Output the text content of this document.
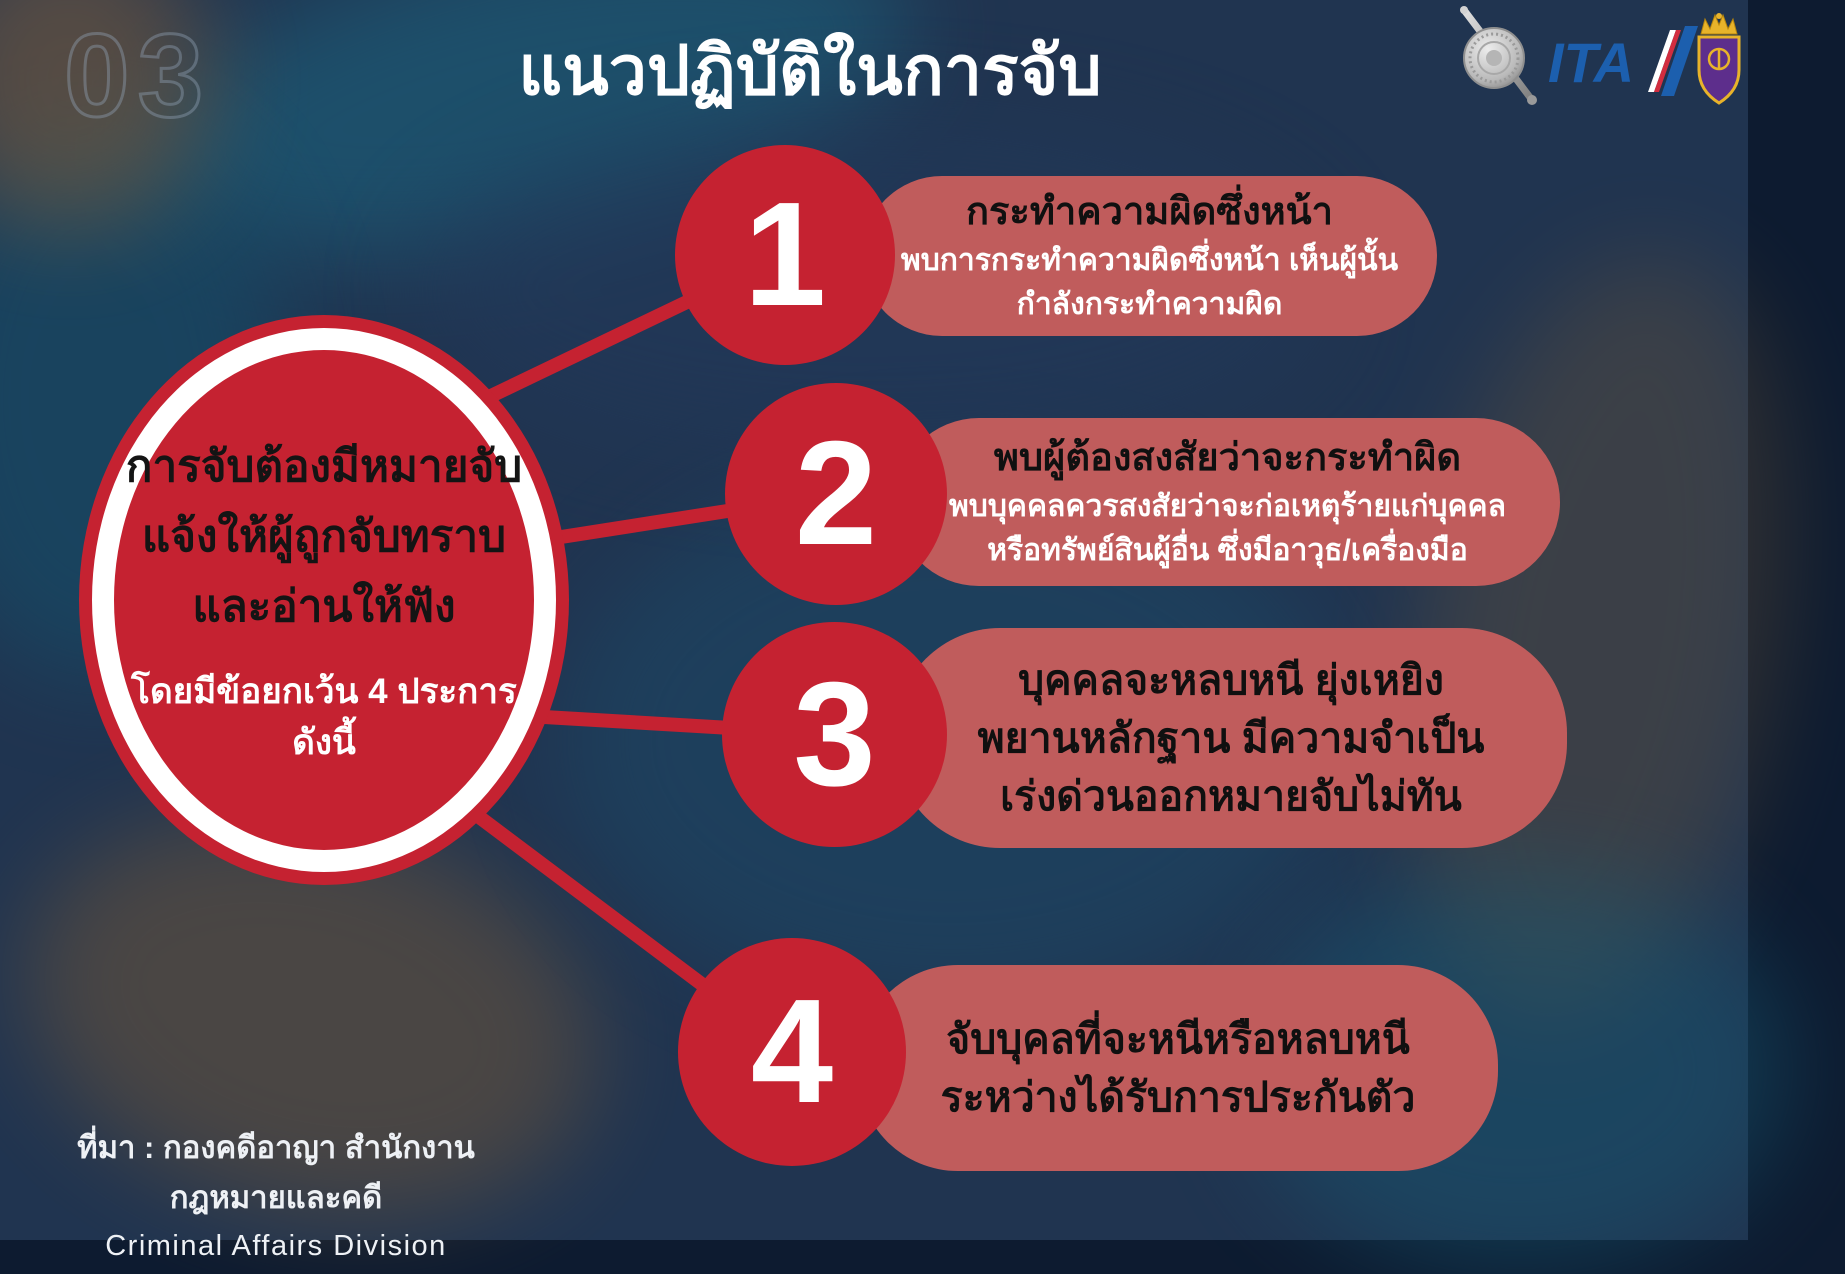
03	แนวปฏิบัติในการจับ	ITA
การจับต้องมีหมายจับ
แจ้งให้ผู้ถูกจับทราบ
และอ่านให้ฟัง
โดยมีข้อยกเว้น 4 ประการ
ดังนี้
กระทำความผิดซึ่งหน้า
พบการกระทำความผิดซึ่งหน้า เห็นผู้นั้น
กำลังกระทำความผิด
1
พบผู้ต้องสงสัยว่าจะกระทำผิด
พบบุคคลควรสงสัยว่าจะก่อเหตุร้ายแก่บุคคล
หรือทรัพย์สินผู้อื่น ซึ่งมีอาวุธ/เครื่องมือ
2
บุคคลจะหลบหนี ยุ่งเหยิง
พยานหลักฐาน มีความจำเป็น
เร่งด่วนออกหมายจับไม่ทัน
3
จับบุคลที่จะหนีหรือหลบหนี
ระหว่างได้รับการประกันตัว
4
ที่มา : กองคดีอาญา สำนักงานกฎหมายและคดี
Criminal Affairs Division
